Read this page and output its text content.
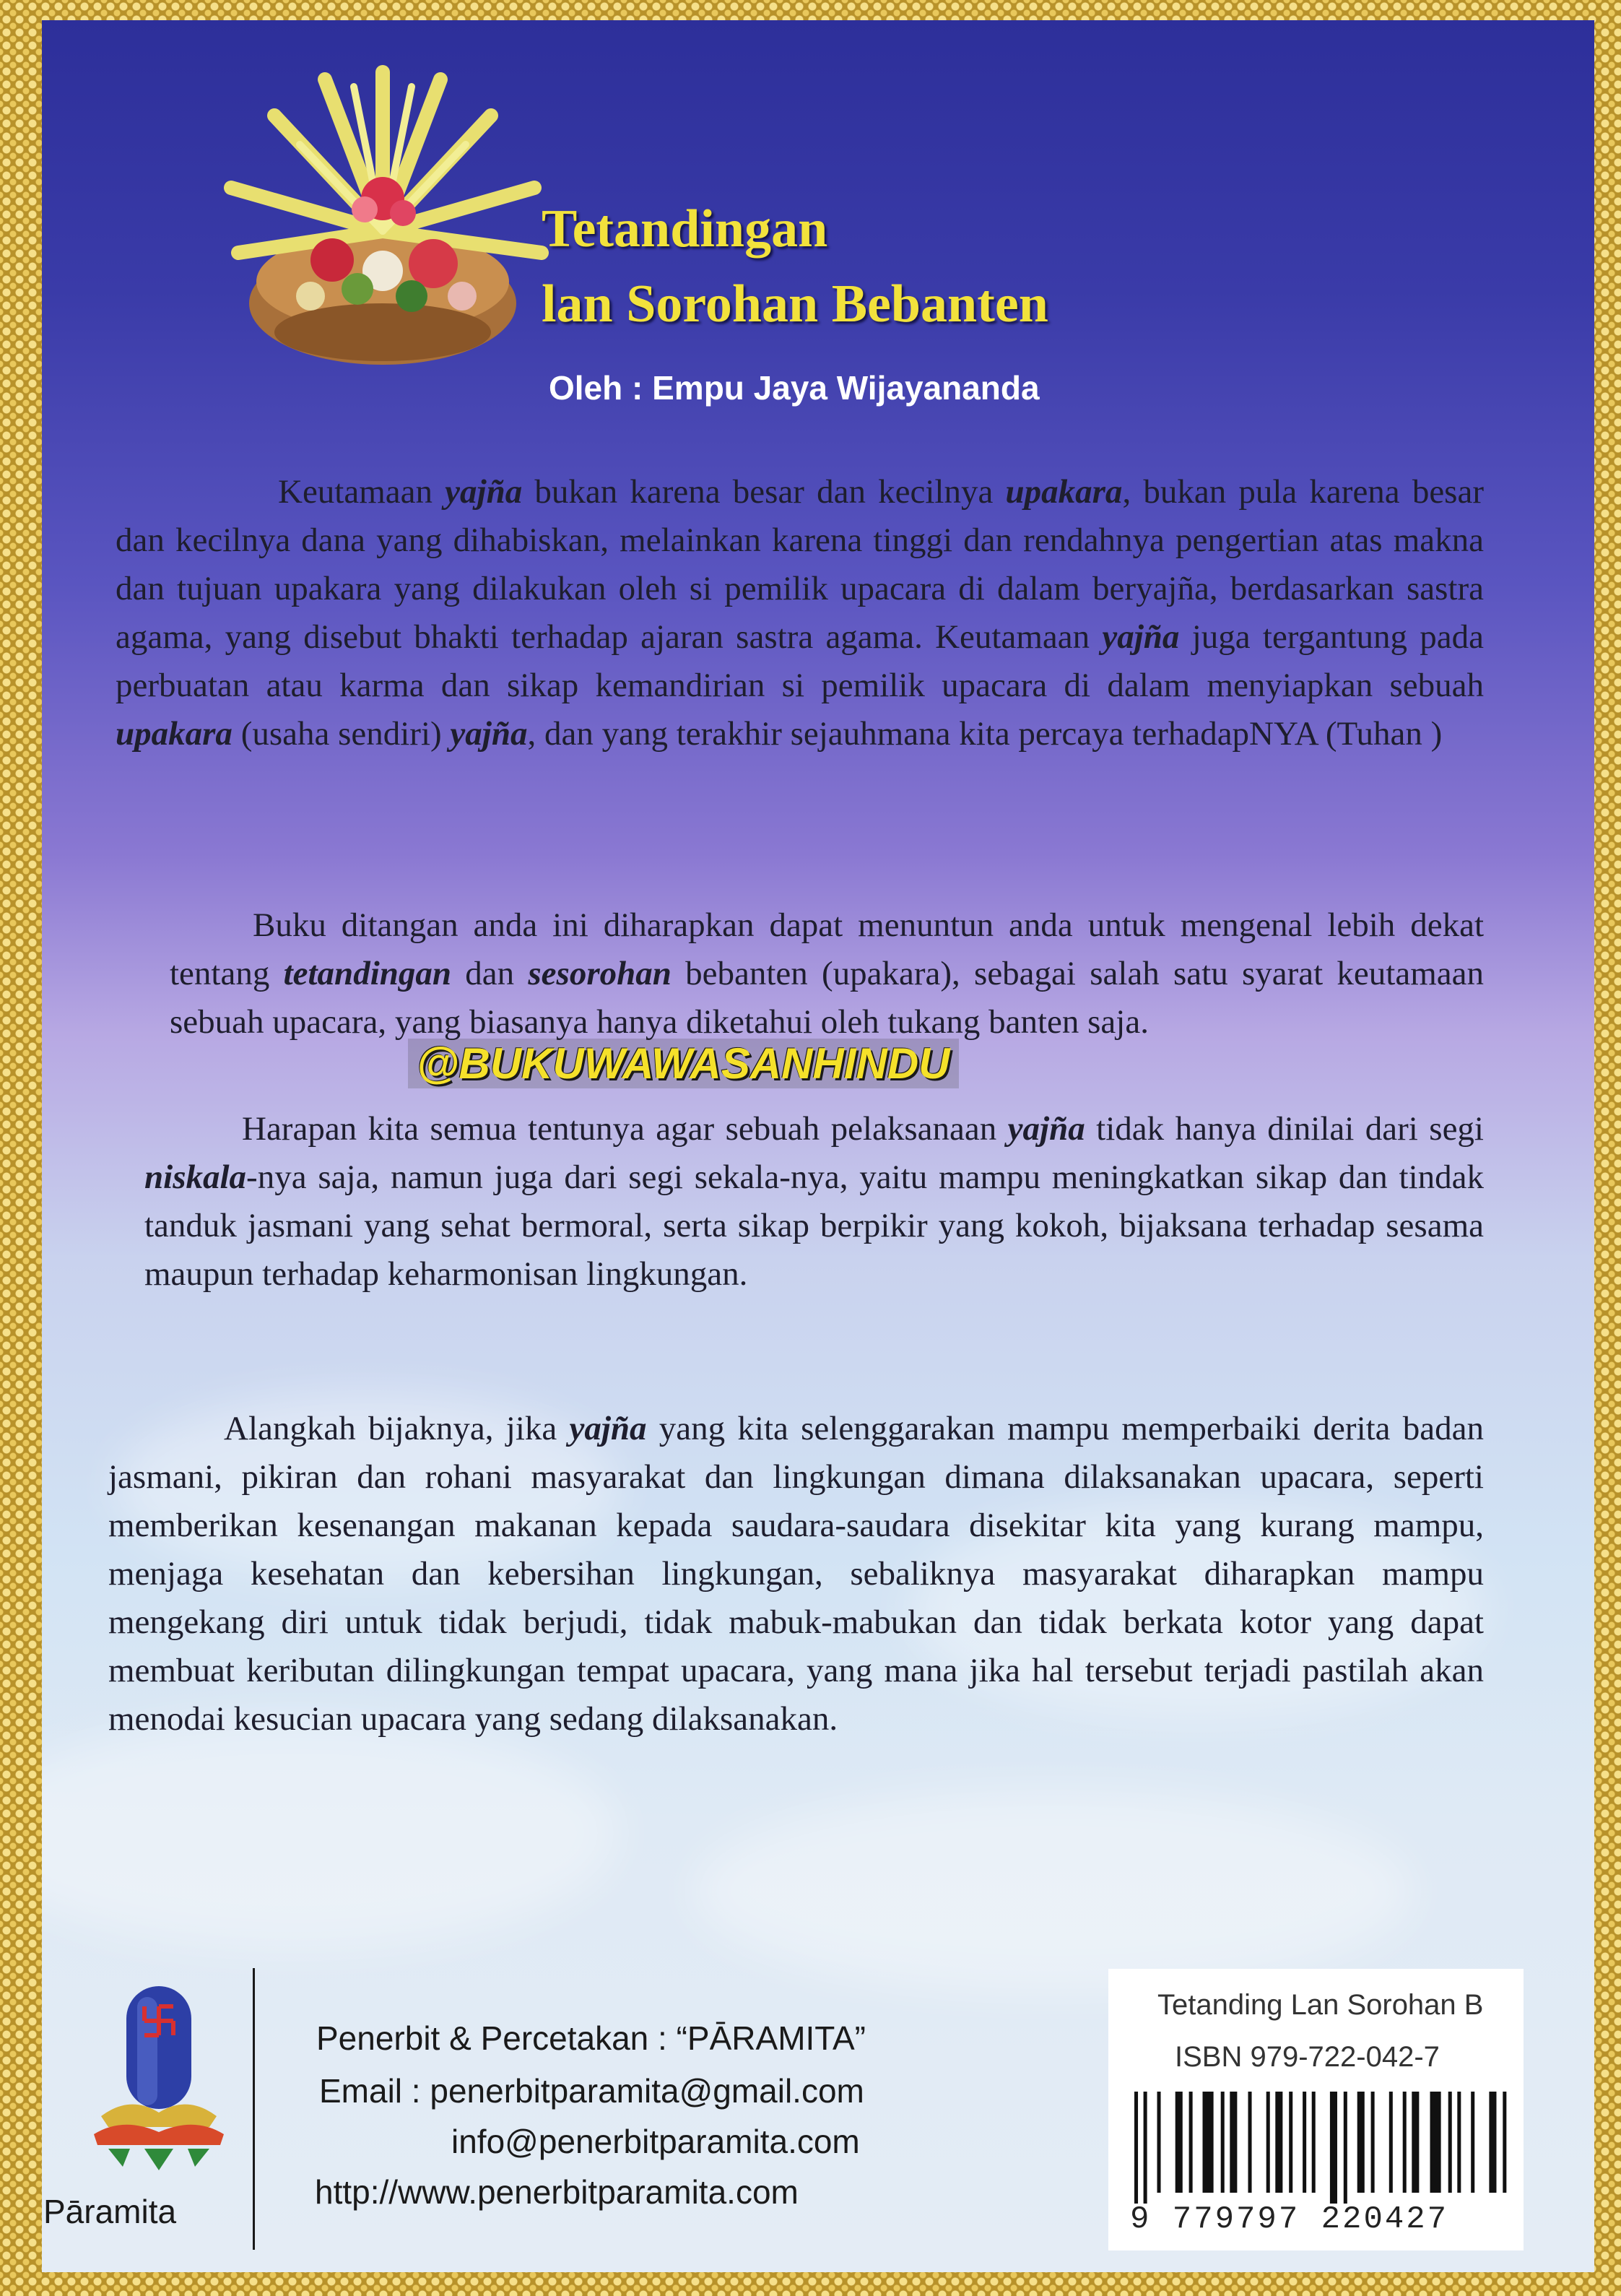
Tetandingan
lan Sorohan Bebanten
Oleh : Empu Jaya Wijayananda

Keutamaan yajña bukan karena besar dan kecilnya upakara, bukan pula karena besar dan kecilnya dana yang dihabiskan, melainkan karena tinggi dan rendahnya pengertian atas makna dan tujuan upakara yang dilakukan oleh si pemilik upacara di dalam beryajña, berdasarkan sastra agama, yang disebut bhakti terhadap ajaran sastra agama. Keutamaan yajña juga tergantung pada perbuatan atau karma dan sikap kemandirian si pemilik upacara di dalam menyiapkan sebuah upakara (usaha sendiri) yajña, dan yang terakhir sejauhmana kita percaya terhadapNYA (Tuhan )

Buku ditangan anda ini diharapkan dapat menuntun anda untuk mengenal lebih dekat tentang tetandingan dan sesorohan bebanten (upakara), sebagai salah satu syarat keutamaan sebuah upacara, yang biasanya hanya diketahui oleh tukang banten saja.

Harapan kita semua tentunya agar sebuah pelaksanaan yajña tidak hanya dinilai dari segi niskala-nya saja, namun juga dari segi sekala-nya, yaitu mampu meningkatkan sikap dan tindak tanduk jasmani yang sehat bermoral, serta sikap berpikir yang kokoh, bijaksana terhadap sesama maupun terhadap keharmonisan lingkungan.

Alangkah bijaknya, jika yajña yang kita selenggarakan mampu memperbaiki derita badan jasmani, pikiran dan rohani masyarakat dan lingkungan dimana dilaksanakan upacara, seperti memberikan kesenangan makanan kepada saudara-saudara disekitar kita yang kurang mampu, menjaga kesehatan dan kebersihan lingkungan, sebaliknya masyarakat diharapkan mampu mengekang diri untuk tidak berjudi, tidak mabuk-mabukan dan tidak berkata kotor yang dapat membuat keributan dilingkungan tempat upacara, yang mana jika hal tersebut terjadi pastilah akan menodai kesucian upacara yang sedang dilaksanakan.

@BUKUWAWASANHINDU
Pāramita
Penerbit & Percetakan : “PĀRAMITA”
Email : penerbitparamita@gmail.com
info@penerbitparamita.com
http://www.penerbitparamita.com
Tetanding Lan Sorohan B
ISBN 979-722-042-7
9 779797 220427
